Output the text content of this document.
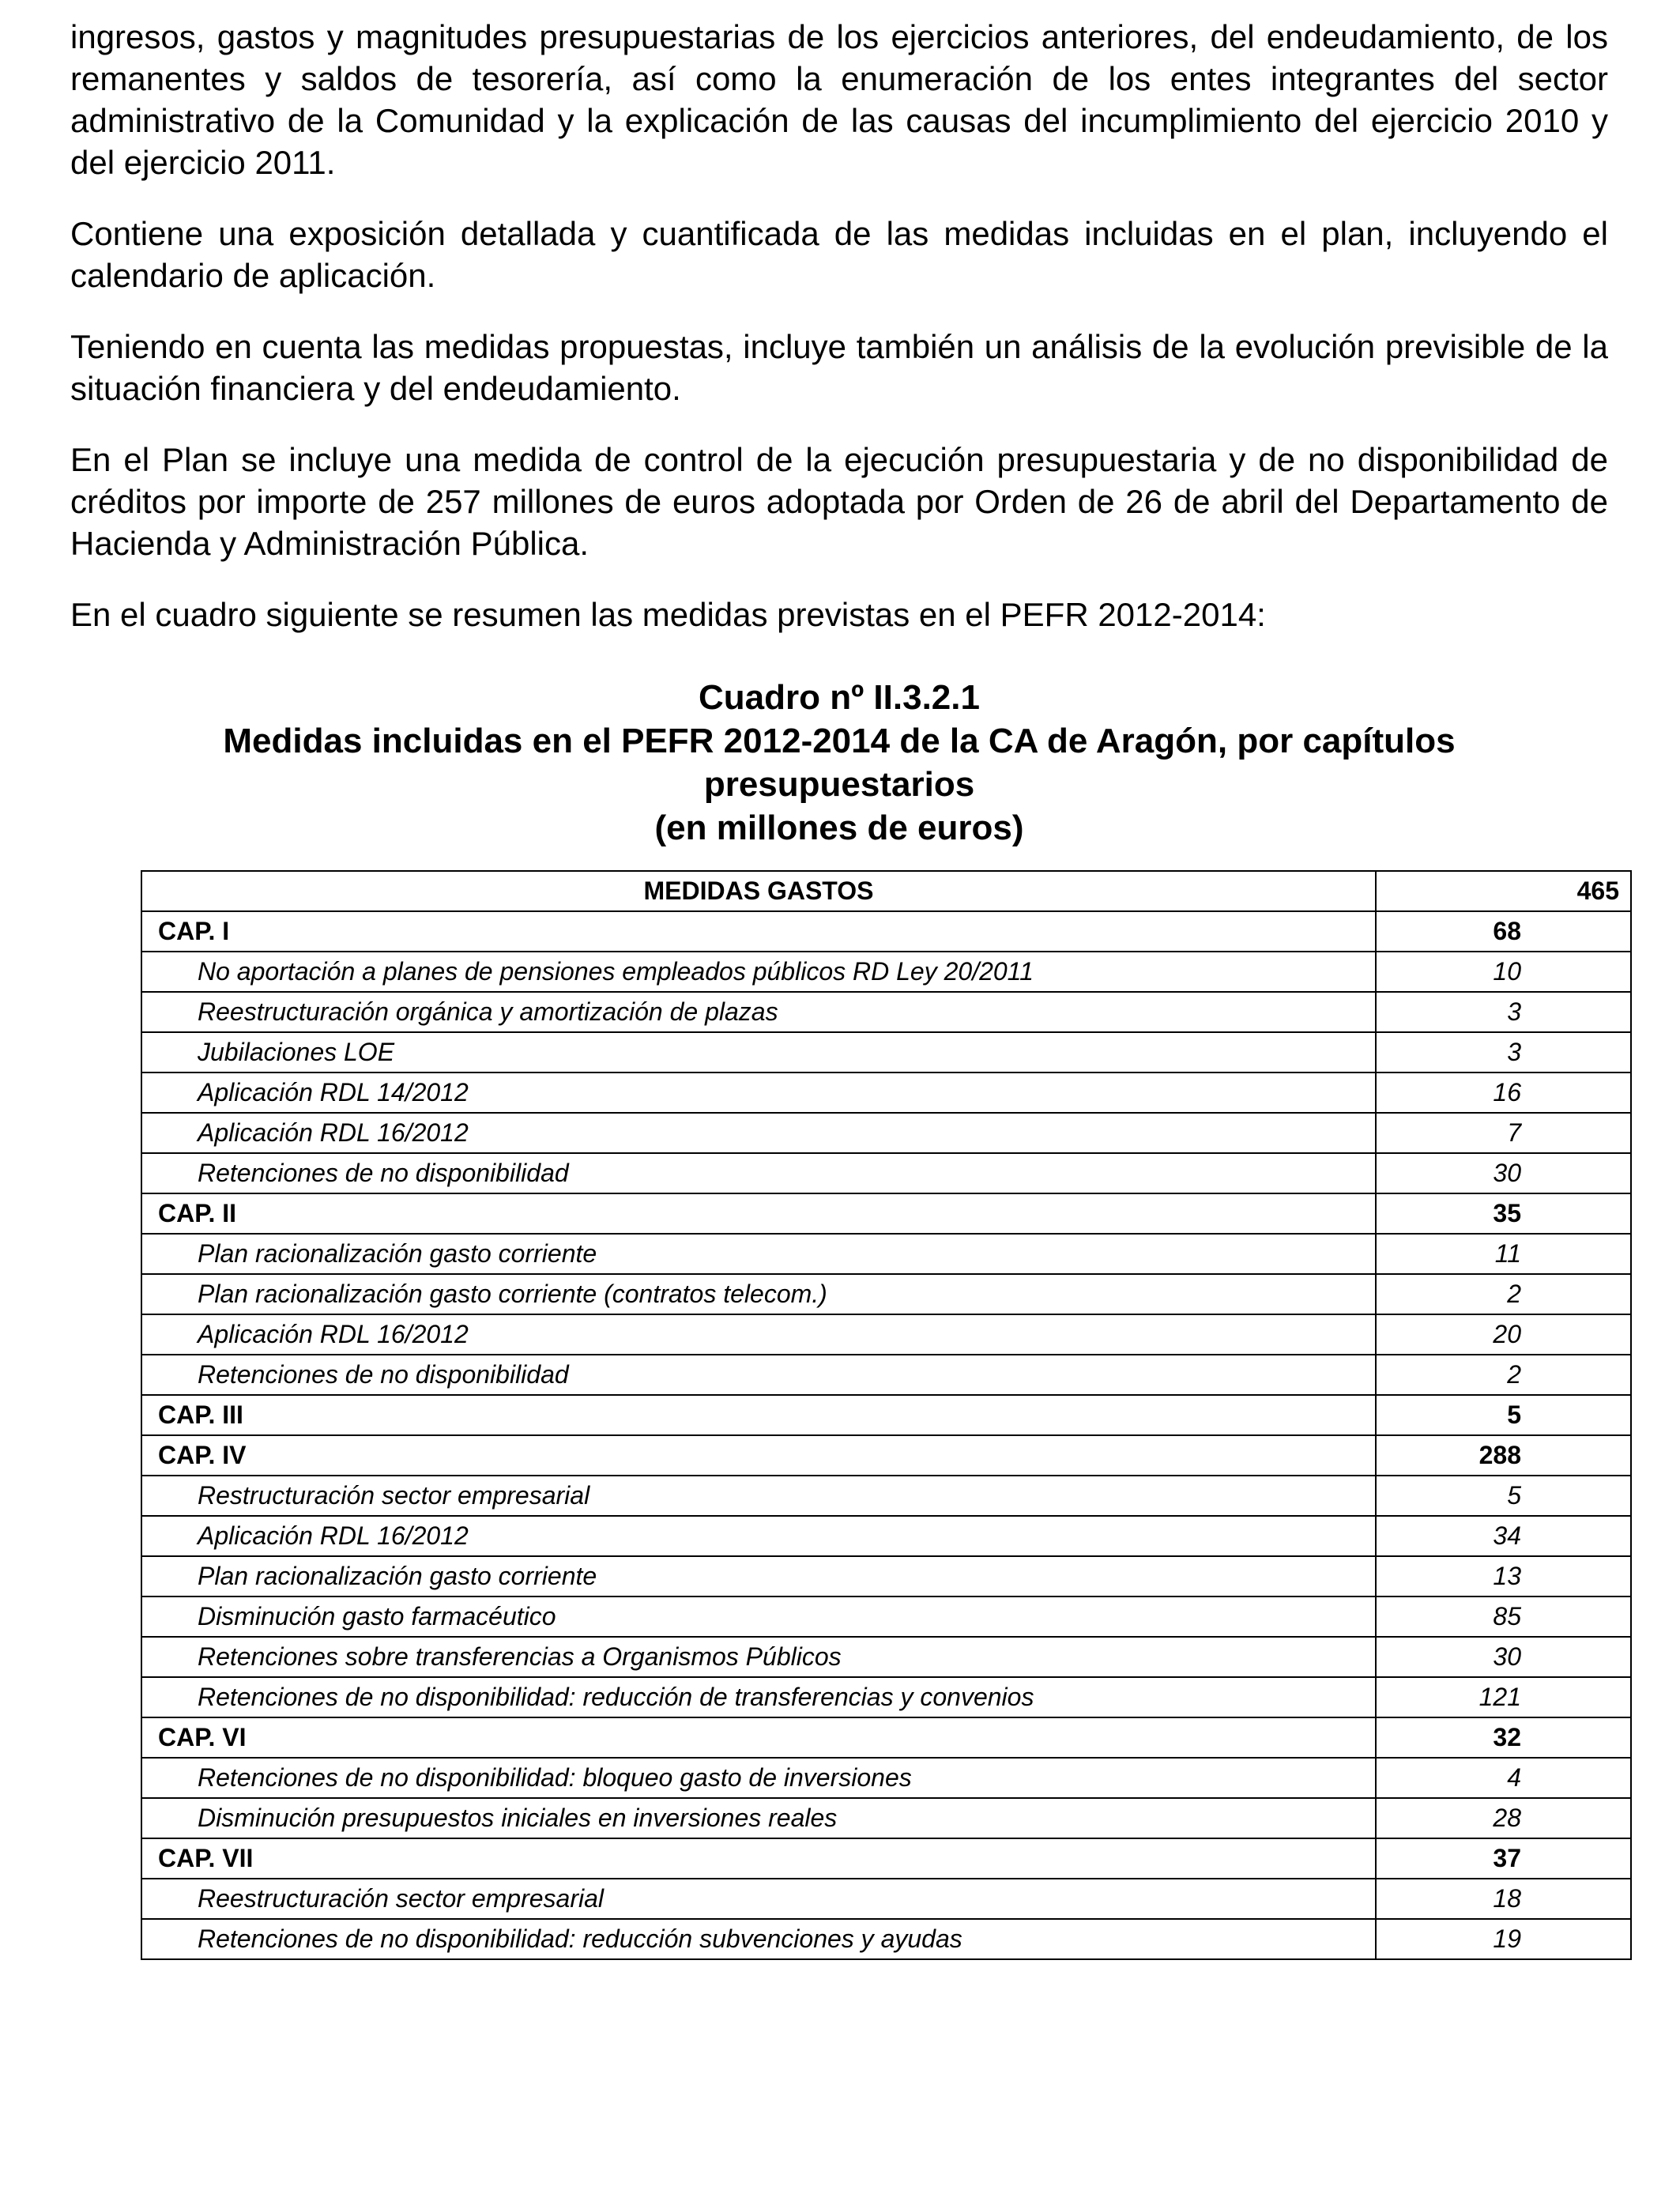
ingresos, gastos y magnitudes presupuestarias de los ejercicios anteriores, del endeudamiento, de los remanentes y saldos de tesorería, así como la enumeración de los entes integrantes del sector administrativo de la Comunidad y la explicación de las causas del incumplimiento del ejercicio 2010 y del ejercicio 2011.

Contiene una exposición detallada y cuantificada de las medidas incluidas en el plan, incluyendo el calendario de aplicación.

Teniendo en cuenta las medidas propuestas, incluye también un análisis de la evolución previsible de la situación financiera y del endeudamiento.

En el Plan se incluye una medida de control de la ejecución presupuestaria y de no disponibilidad de créditos por importe de 257 millones de euros adoptada por Orden de 26 de abril del Departamento de Hacienda y Administración Pública.

En el cuadro siguiente se resumen las medidas previstas en el PEFR 2012-2014:

Cuadro nº II.3.2.1
Medidas incluidas en el PEFR 2012-2014 de la CA de Aragón, por capítulos
presupuestarios
(en millones de euros)
MEDIDAS GASTOS	465
CAP. I	68
No aportación a planes de pensiones empleados públicos RD Ley 20/2011	10
Reestructuración orgánica y amortización de plazas	3
Jubilaciones LOE	3
Aplicación RDL 14/2012	16
Aplicación RDL 16/2012	7
Retenciones de no disponibilidad	30
CAP. II	35
Plan racionalización gasto corriente	11
Plan racionalización gasto corriente (contratos telecom.)	2
Aplicación RDL 16/2012	20
Retenciones de no disponibilidad	2
CAP. III	5
CAP. IV	288
Restructuración sector empresarial	5
Aplicación RDL 16/2012	34
Plan racionalización gasto corriente	13
Disminución gasto farmacéutico	85
Retenciones sobre transferencias a Organismos Públicos	30
Retenciones de no disponibilidad: reducción de transferencias y convenios	121
CAP. VI	32
Retenciones de no disponibilidad: bloqueo gasto de inversiones	4
Disminución presupuestos iniciales en inversiones reales	28
CAP. VII	37
Reestructuración sector empresarial	18
Retenciones de no disponibilidad: reducción subvenciones y ayudas	19
